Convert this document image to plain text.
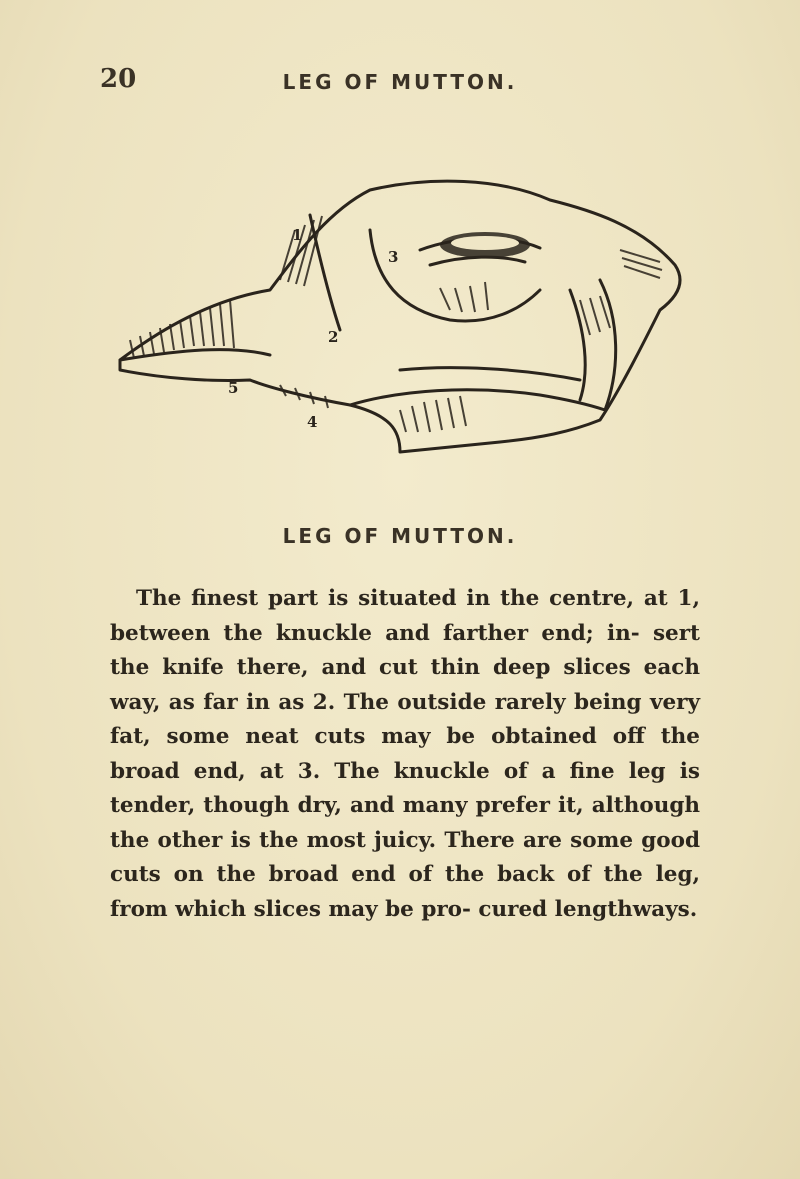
20	LEG OF MUTTON.
1
2
3
4
5
LEG OF MUTTON.

The finest part is situated in the centre, at 1, between the knuckle and farther end; in- sert the knife there, and cut thin deep slices each way, as far in as 2. The outside rarely being very fat, some neat cuts may be obtained off the broad end, at 3. The knuckle of a fine leg is tender, though dry, and many prefer it, although the other is the most juicy. There are some good cuts on the broad end of the back of the leg, from which slices may be pro- cured lengthways.
